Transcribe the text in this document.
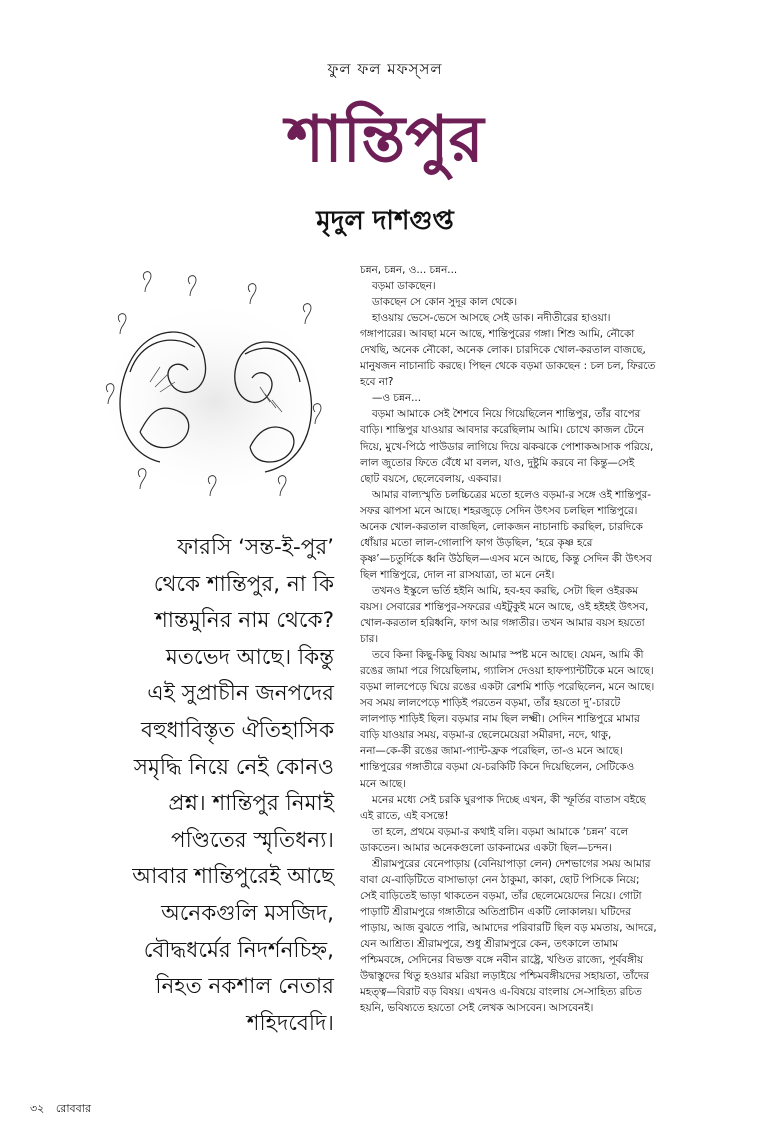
ফুল ফল মফস্সল
শান্তিপুর
মৃদুল দাশগুপ্ত
ফারসি ‘সন্ত-ই-পুর’
থেকে শান্তিপুর, না কি
শান্তমুনির নাম থেকে?
মতভেদ আছে। কিন্তু
এই সুপ্রাচীন জনপদের
বহুধাবিস্তৃত ঐতিহাসিক
সমৃদ্ধি নিয়ে নেই কোনও
প্রশ্ন। শান্তিপুর নিমাই
পণ্ডিতের স্মৃতিধন্য।
আবার শান্তিপুরেই আছে
অনেকগুলি মসজিদ,
বৌদ্ধধর্মের নিদর্শনচিহ্ন,
নিহত নকশাল নেতার
শহিদবেদি।
চন্নন, চন্নন, ও... চন্নন...
বড়মা ডাকছেন।
ডাকছেন সে কোন সুদূর কাল থেকে।
হাওয়ায় ভেসে-ভেসে আসছে সেই ডাক। নদীতীরের হাওয়া।
গঙ্গাপারের। আবছা মনে আছে, শান্তিপুরের গঙ্গা। শিশু আমি, নৌকো
দেখছি, অনেক নৌকো, অনেক লোক। চারদিকে খোল-করতাল বাজছে,
মানুষজন নাচানাচি করছে। পিছন থেকে বড়মা ডাকছেন : চল চল, ফিরতে
হবে না?
—ও চন্নন...
বড়মা আমাকে সেই শৈশবে নিয়ে গিয়েছিলেন শান্তিপুর, তাঁর বাপের
বাড়ি। শান্তিপুর যাওয়ার আবদার করেছিলাম আমি। চোখে কাজল টেনে
দিয়ে, মুখে-পিঠে পাউডার লাগিয়ে দিয়ে ঝকঝকে পোশাকআসাক পরিয়ে,
লাল জুতোর ফিতে বেঁধে মা বলল, যাও, দুষ্টুমি করবে না কিন্তু—সেই
ছোট বয়সে, ছেলেবেলায়, একবার।
আমার বাল্যস্মৃতি চলচ্চিত্রের মতো হলেও বড়মা-র সঙ্গে ওই শান্তিপুর-
সফর ঝাপসা মনে আছে। শহরজুড়ে সেদিন উৎসব চলছিল শান্তিপুরে।
অনেক খোল-করতাল বাজছিল, লোকজন নাচানাচি করছিল, চারদিকে
ধোঁয়ার মতো লাল-গোলাপি ফাগ উড়ছিল, ‘হরে কৃষ্ণ হরে
কৃষ্ণ’—চতুর্দিকে ধ্বনি উঠছিল—এসব মনে আছে, কিন্তু সেদিন কী উৎসব
ছিল শান্তিপুরে, দোল না রাসযাত্রা, তা মনে নেই।
তখনও ইস্কুলে ভর্তি হইনি আমি, হব-হব করছি, সেটা ছিল ওইরকম
বয়স। সেবারের শান্তিপুর-সফরের এইটুকুই মনে আছে, ওই হইহই উৎসব,
খোল-করতাল হরিধ্বনি, ফাগ আর গঙ্গাতীর। তখন আমার বয়স হয়তো
চার।
তবে কিনা কিছু-কিছু বিষয় আমার স্পষ্ট মনে আছে। যেমন, আমি কী
রঙের জামা পরে গিয়েছিলাম, গ্যালিস দেওয়া হাফপ্যান্টটিকে মনে আছে।
বড়মা লালপেড়ে ঘিয়ে রঙের একটা রেশমি শাড়ি পরেছিলেন, মনে আছে।
সব সময় লালপেড়ে শাড়িই পরতেন বড়মা, তাঁর হয়তো দু’-চারটে
লালপাড় শাড়িই ছিল। বড়মার নাম ছিল লক্ষ্মী। সেদিন শান্তিপুরে মামার
বাড়ি যাওয়ার সময়, বড়মা-র ছেলেমেয়েরা সমীরদা, নদে, থাকু,
ননা—কে-কী রঙের জামা-প্যান্ট-ফ্রক পরেছিল, তা-ও মনে আছে।
শান্তিপুরের গঙ্গাতীরে বড়মা যে-চরকিটি কিনে দিয়েছিলেন, সেটিকেও
মনে আছে।
মনের মধ্যে সেই চরকি ঘুরপাক দিচ্ছে এখন, কী স্ফূর্তির বাতাস বইছে
এই রাতে, এই বসন্তে!
তা হলে, প্রথমে বড়মা-র কথাই বলি। বড়মা আমাকে ‘চন্নন’ বলে
ডাকতেন। আমার অনেকগুলো ডাকনামের একটা ছিল—চন্দন।
শ্রীরামপুরের বেনেপাড়ায় (বেনিয়াপাড়া লেন) দেশভাগের সময় আমার
বাবা যে-বাড়িটিতে বাসাভাড়া নেন ঠাকুমা, কাকা, ছোট পিসিকে নিয়ে;
সেই বাড়িতেই ভাড়া থাকতেন বড়মা, তাঁর ছেলেমেয়েদের নিয়ে। গোটা
পাড়াটি শ্রীরামপুরে গঙ্গাতীরে অতিপ্রাচীন একটি লোকালয়। ঘটিদের
পাড়ায়, আজ বুঝতে পারি, আমাদের পরিবারটি ছিল বড় মমতায়, আদরে,
যেন আশ্রিত। শ্রীরামপুরে, শুধু শ্রীরামপুরে কেন, তৎকালে তামাম
পশ্চিমবঙ্গে, সেদিনের বিভক্ত বঙ্গে নবীন রাষ্ট্রে, খণ্ডিত রাজ্যে, পূর্ববঙ্গীয়
উদ্বাস্তুদের থিতু হওয়ার মরিয়া লড়াইয়ে পশ্চিমবঙ্গীয়দের সহায়তা, তাঁদের
মহত্ত্ব—বিরাট বড় বিষয়। এখনও এ-বিষয়ে বাংলায় সে-সাহিত্য রচিত
হয়নি, ভবিষ্যতে হয়তো সেই লেখক আসবেন। আসবেনই।
৩২ রোববার
